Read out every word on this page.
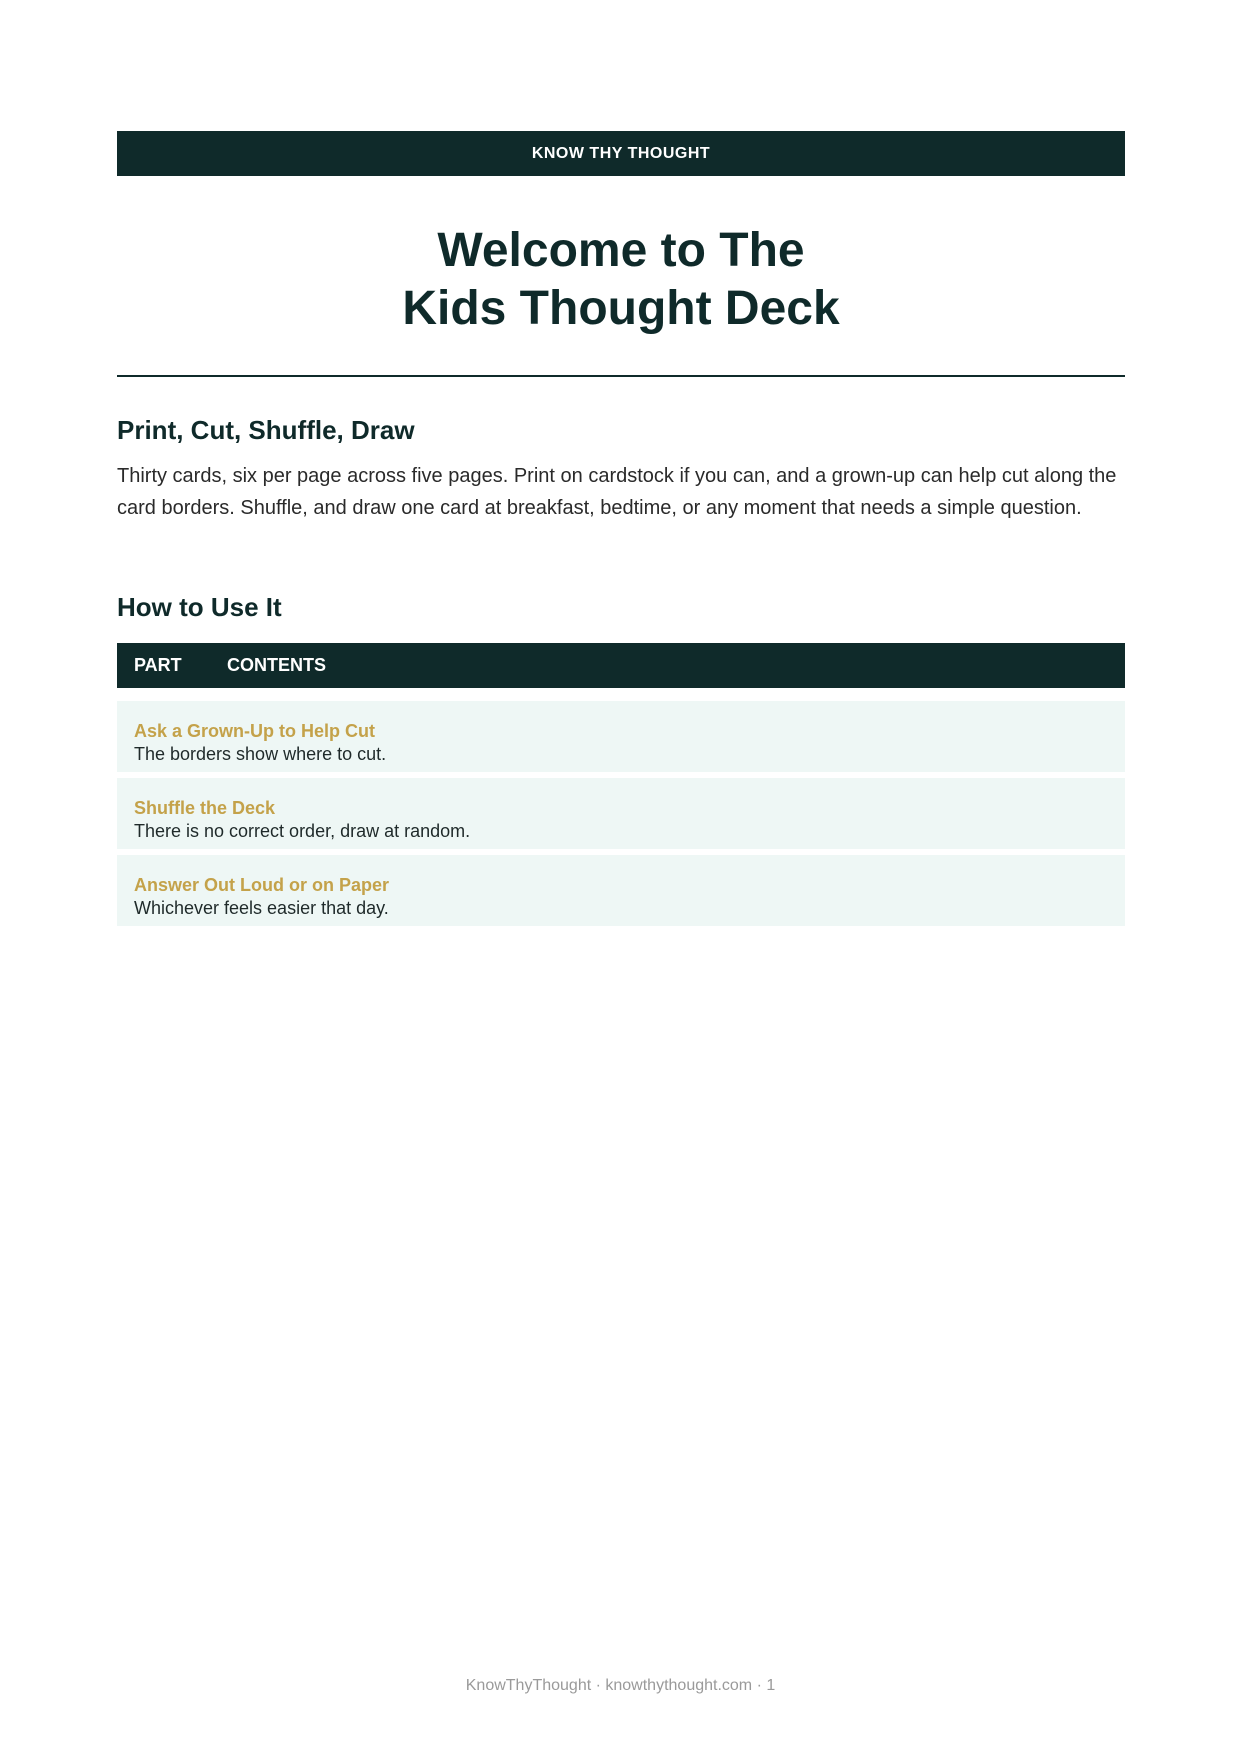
KNOW THY THOUGHT
Welcome to The
Kids Thought Deck
Print, Cut, Shuffle, Draw

Thirty cards, six per page across five pages. Print on cardstock if you can, and a grown-up can help cut along the card borders. Shuffle, and draw one card at breakfast, bedtime, or any moment that needs a simple question.

How to Use It
PART	CONTENTS
Ask a Grown-Up to Help Cut
The borders show where to cut.
Shuffle the Deck
There is no correct order, draw at random.
Answer Out Loud or on Paper
Whichever feels easier that day.
KnowThyThought · knowthythought.com · 1
